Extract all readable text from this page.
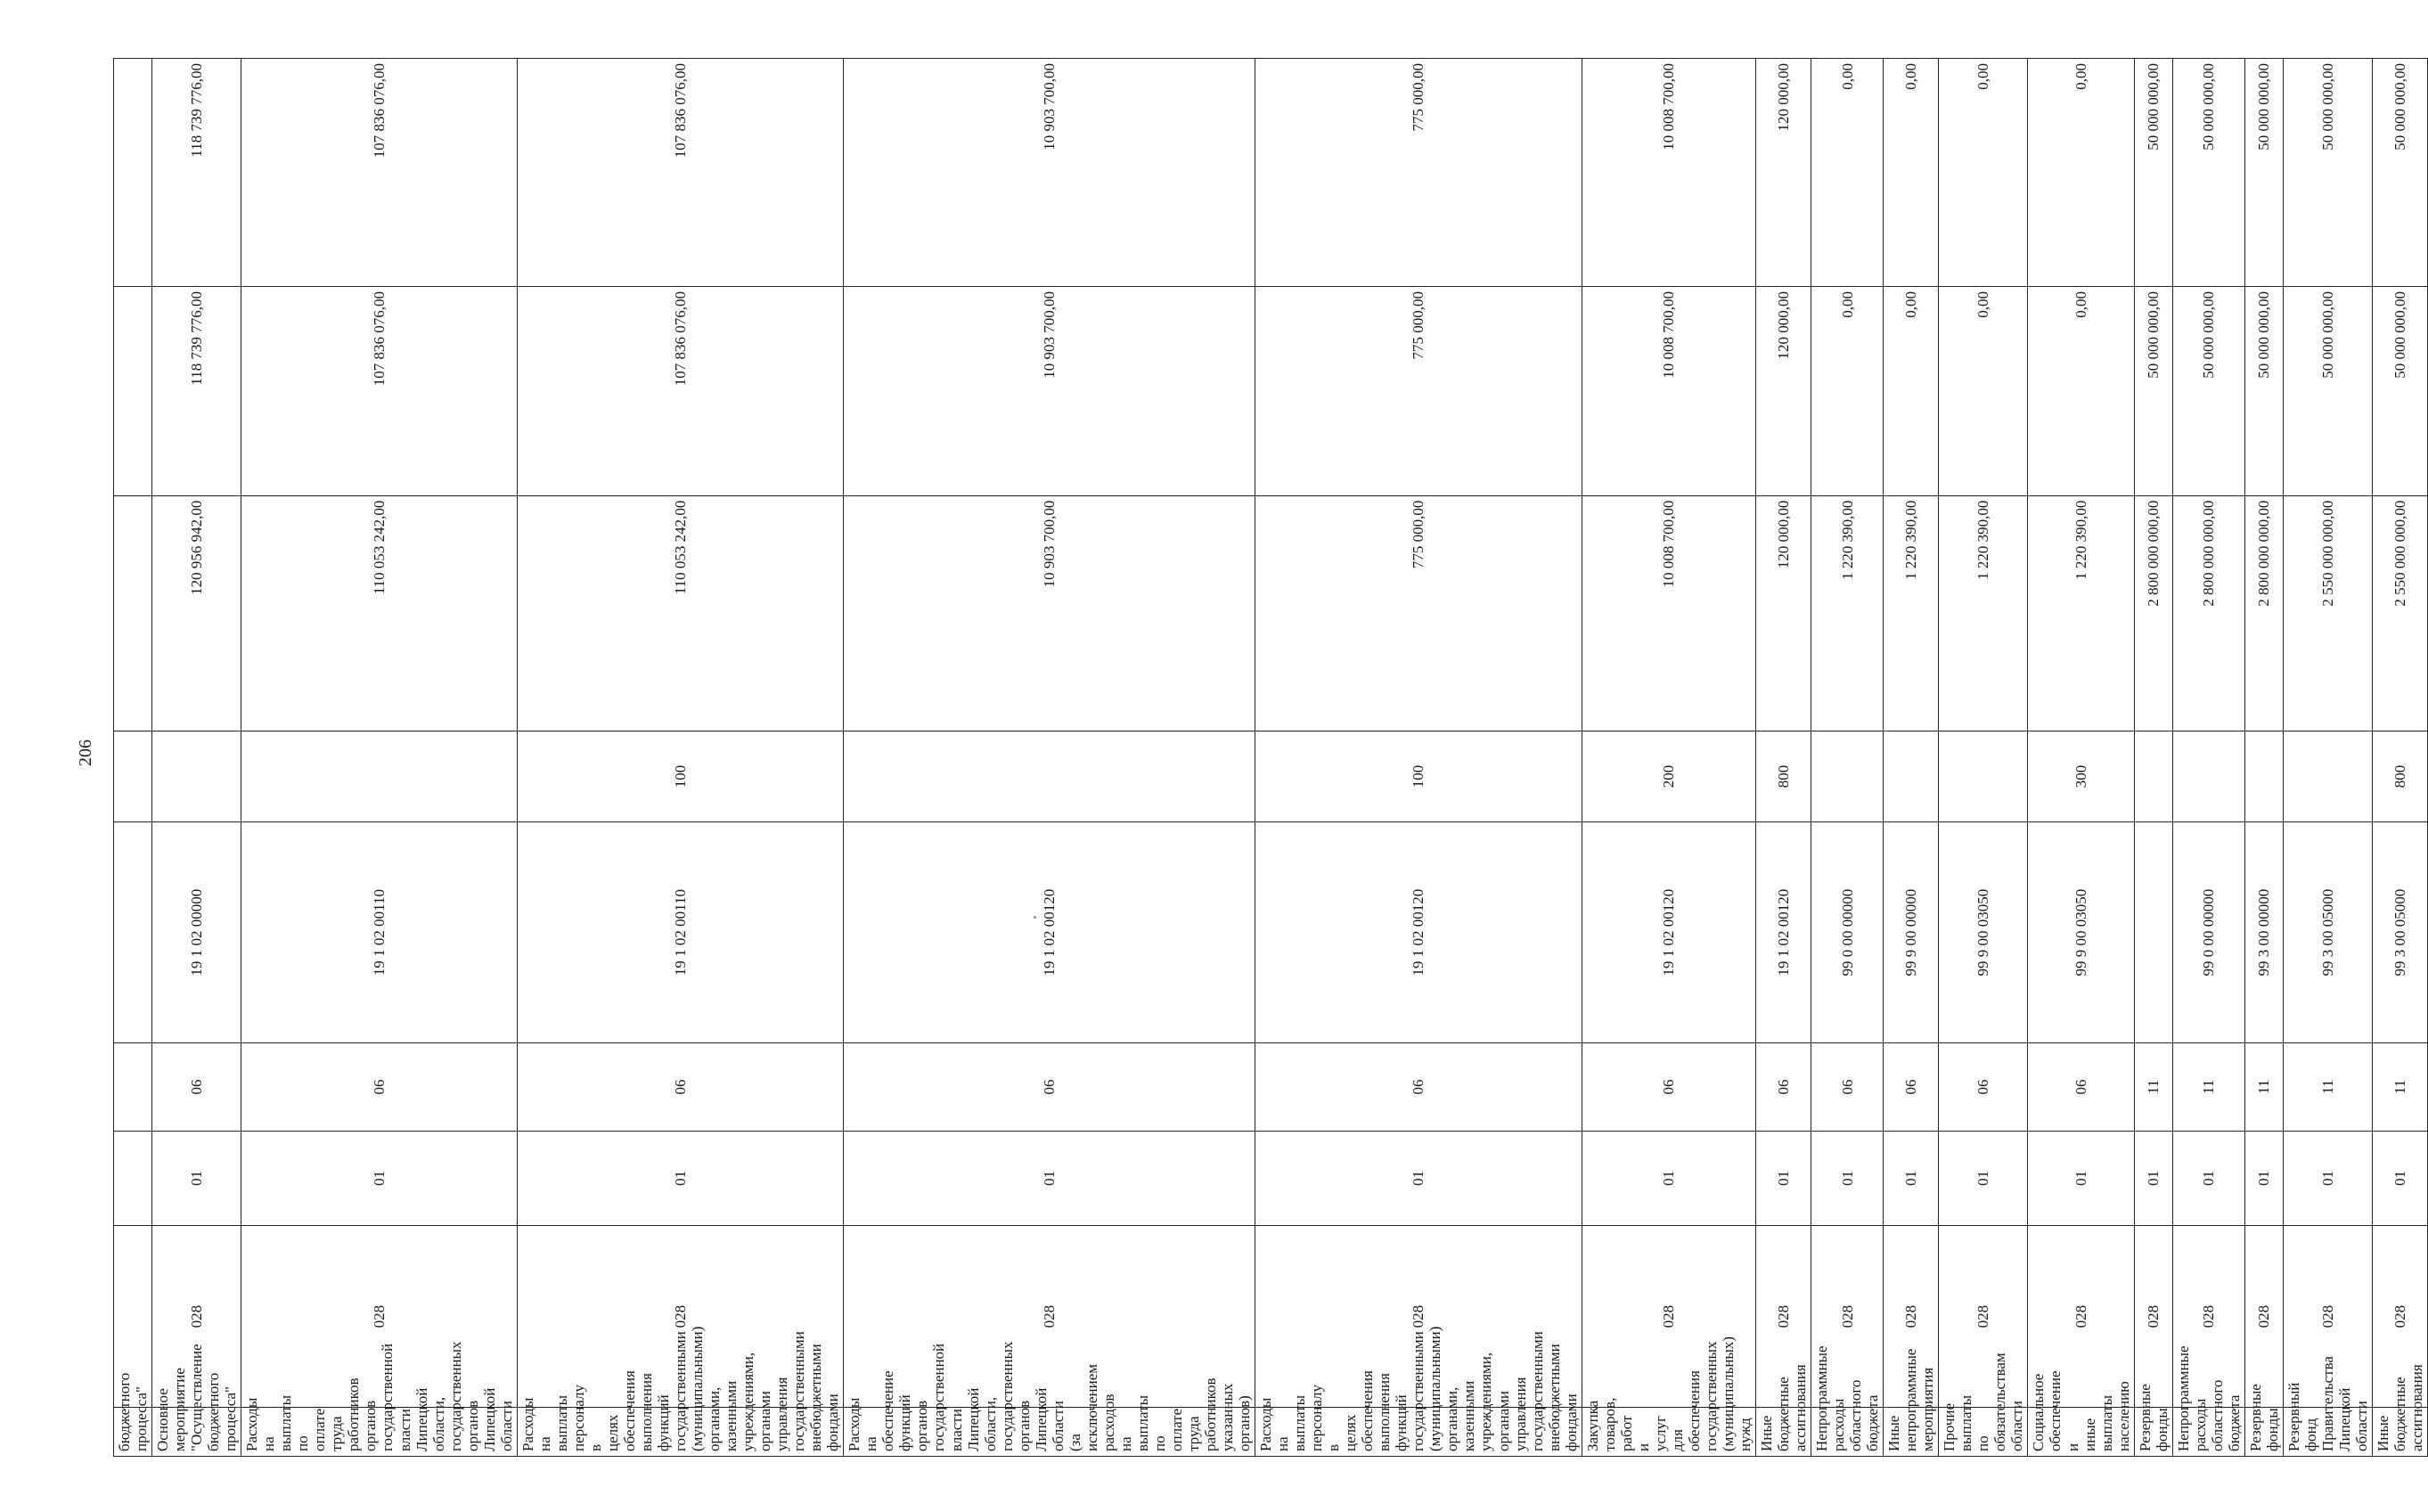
206
бюджетного процесса"								
Основное мероприятие "Осуществление бюджетного процесса"	028	01	06	19 1 02 00000		120 956 942,00	118 739 776,00	118 739 776,00
Расходы на выплаты по оплате труда работников органов государственной власти Липецкой области, государственных органов Липецкой области	028	01	06	19 1 02 00110		110 053 242,00	107 836 076,00	107 836 076,00
Расходы на выплаты персоналу в целях обеспечения выполнения функций государственными (муниципальными) органами, казенными учреждениями, органами управления государственными внебюджетными фондами	028	01	06	19 1 02 00110	100	110 053 242,00	107 836 076,00	107 836 076,00
Расходы на обеспечение функций органов государственной власти Липецкой области, государственных органов Липецкой области (за исключением расходов на выплаты по оплате труда работников указанных органов)	028	01	06	19 1 02 00120		10 903 700,00	10 903 700,00	10 903 700,00
Расходы на выплаты персоналу в целях обеспечения выполнения функций государственными (муниципальными) органами, казенными учреждениями, органами управления государственными внебюджетными фондами	028	01	06	19 1 02 00120	100	775 000,00	775 000,00	775 000,00
Закупка товаров, работ и услуг для обеспечения государственных (муниципальных) нужд	028	01	06	19 1 02 00120	200	10 008 700,00	10 008 700,00	10 008 700,00
Иные бюджетные ассигнования	028	01	06	19 1 02 00120	800	120 000,00	120 000,00	120 000,00
Непрограммные расходы областного бюджета	028	01	06	99 0 00 00000		1 220 390,00	0,00	0,00
Иные непрограммные мероприятия	028	01	06	99 9 00 00000		1 220 390,00	0,00	0,00
Прочие выплаты по обязательствам области	028	01	06	99 9 00 03050		1 220 390,00	0,00	0,00
Социальное обеспечение и иные выплаты населению	028	01	06	99 9 00 03050	300	1 220 390,00	0,00	0,00
Резервные фонды	028	01	11			2 800 000 000,00	50 000 000,00	50 000 000,00
Непрограммные расходы областного бюджета	028	01	11	99 0 00 00000		2 800 000 000,00	50 000 000,00	50 000 000,00
Резервные фонды	028	01	11	99 3 00 00000		2 800 000 000,00	50 000 000,00	50 000 000,00
Резервный фонд Правительства Липецкой области	028	01	11	99 3 00 05000		2 550 000 000,00	50 000 000,00	50 000 000,00
Иные бюджетные ассигнования	028	01	11	99 3 00 05000	800	2 550 000 000,00	50 000 000,00	50 000 000,00
